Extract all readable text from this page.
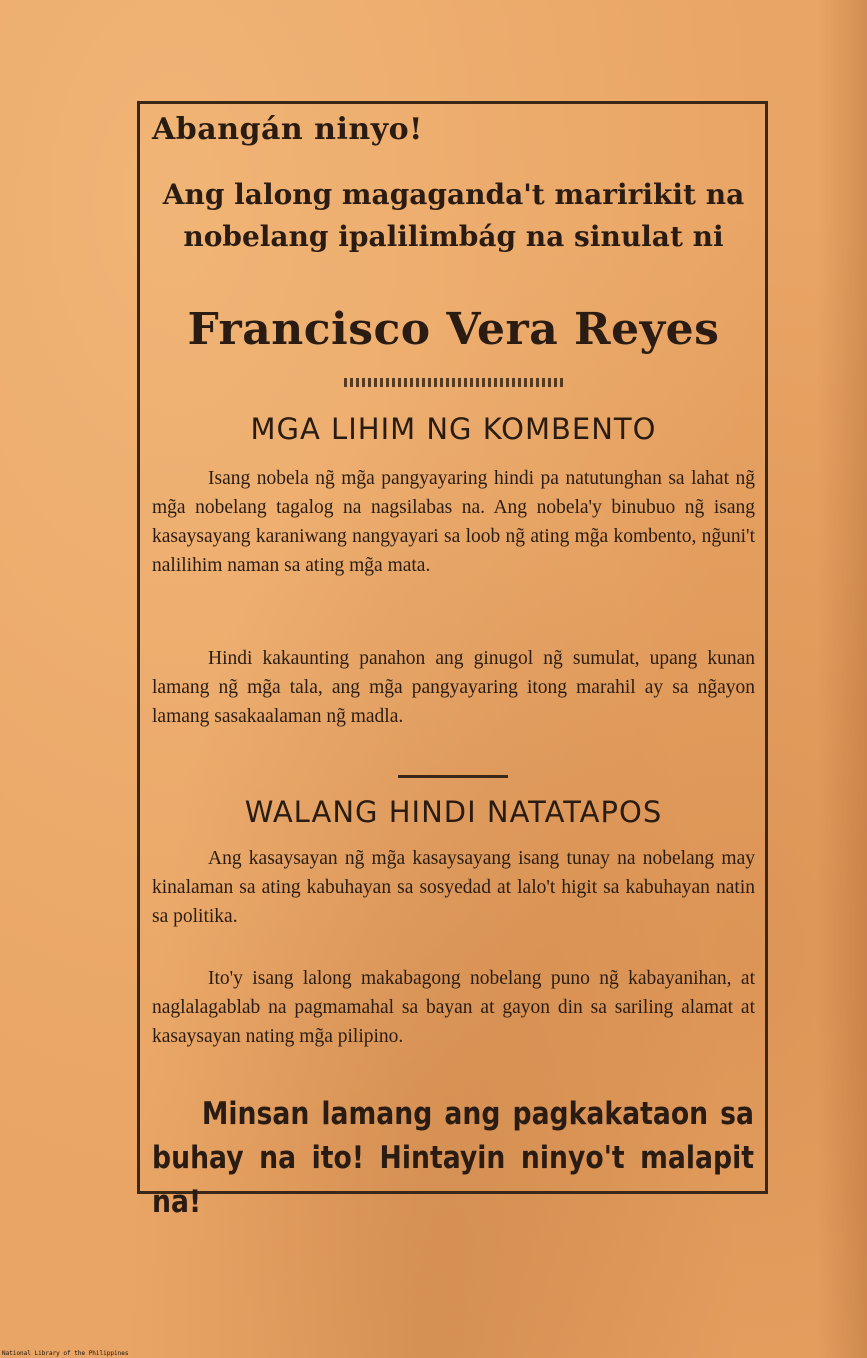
Abangán ninyo!
Ang lalong magaganda't maririkit na nobelang ipalilimbág na sinulat ni
Francisco Vera Reyes
MGA LIHIM NG KOMBENTO
Isang nobela ng̃ mg̃a pangyayaring hindi pa natutunghan sa lahat ng̃ mg̃a nobelang tagalog na nagsilabas na. Ang nobela'y binubuo ng̃ isang kasaysayang karaniwang nangyayari sa loob ng̃ ating mg̃a kombento, ng̃uni't nalilihim naman sa ating mg̃a mata.
Hindi kakaunting panahon ang ginugol ng̃ sumulat, upang kunan lamang ng̃ mg̃a tala, ang mg̃a pangyayaring itong marahil ay sa ng̃ayon lamang sasakaalaman ng̃ madla.
WALANG HINDI NATATAPOS
Ang kasaysayan ng̃ mg̃a kasaysayang isang tunay na nobelang may kinalaman sa ating kabuhayan sa sosyedad at lalo't higit sa kabuhayan natin sa politika.
Ito'y isang lalong makabagong nobelang puno ng̃ kabayanihan, at naglalagablab na pagmamahal sa bayan at gayon din sa sariling alamat at kasaysayan nating mg̃a pilipino.
Minsan lamang ang pagkakataon sa buhay na ito! Hintayin ninyo't malapit na!
National Library of the Philippines
